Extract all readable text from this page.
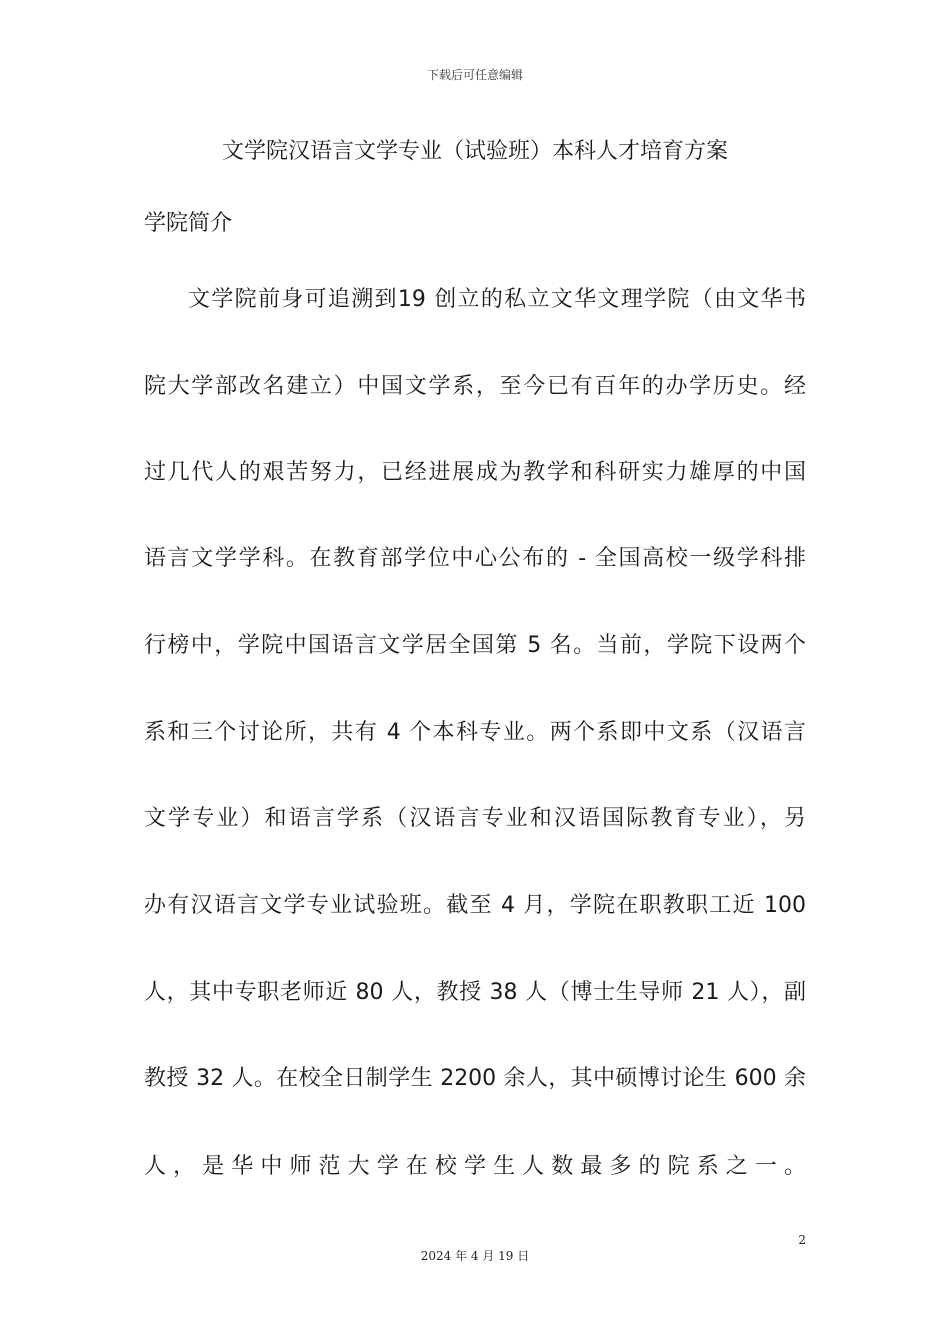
下载后可任意编辑
文学院汉语言文学专业（试验班）本科人才培育方案
学院简介
文学院前身可追溯到19 创立的私立文华文理学院（由文华书
院大学部改名建立）中国文学系，至今已有百年的办学历史。经
过几代人的艰苦努力，已经进展成为教学和科研实力雄厚的中国
语言文学学科。在教育部学位中心公布的 - 全国高校一级学科排
行榜中，学院中国语言文学居全国第 5 名。当前，学院下设两个
系和三个讨论所，共有 4 个本科专业。两个系即中文系（汉语言
文学专业）和语言学系（汉语言专业和汉语国际教育专业），另
办有汉语言文学专业试验班。截至 4 月，学院在职教职工近 100
人，其中专职老师近 80 人，教授 38 人（博士生导师 21 人），副
教授 32 人。在校全日制学生 2200 余人，其中硕博讨论生 600 余
人，是华中师范大学在校学生人数最多的院系之一。
2
2024 年 4 月 19 日
